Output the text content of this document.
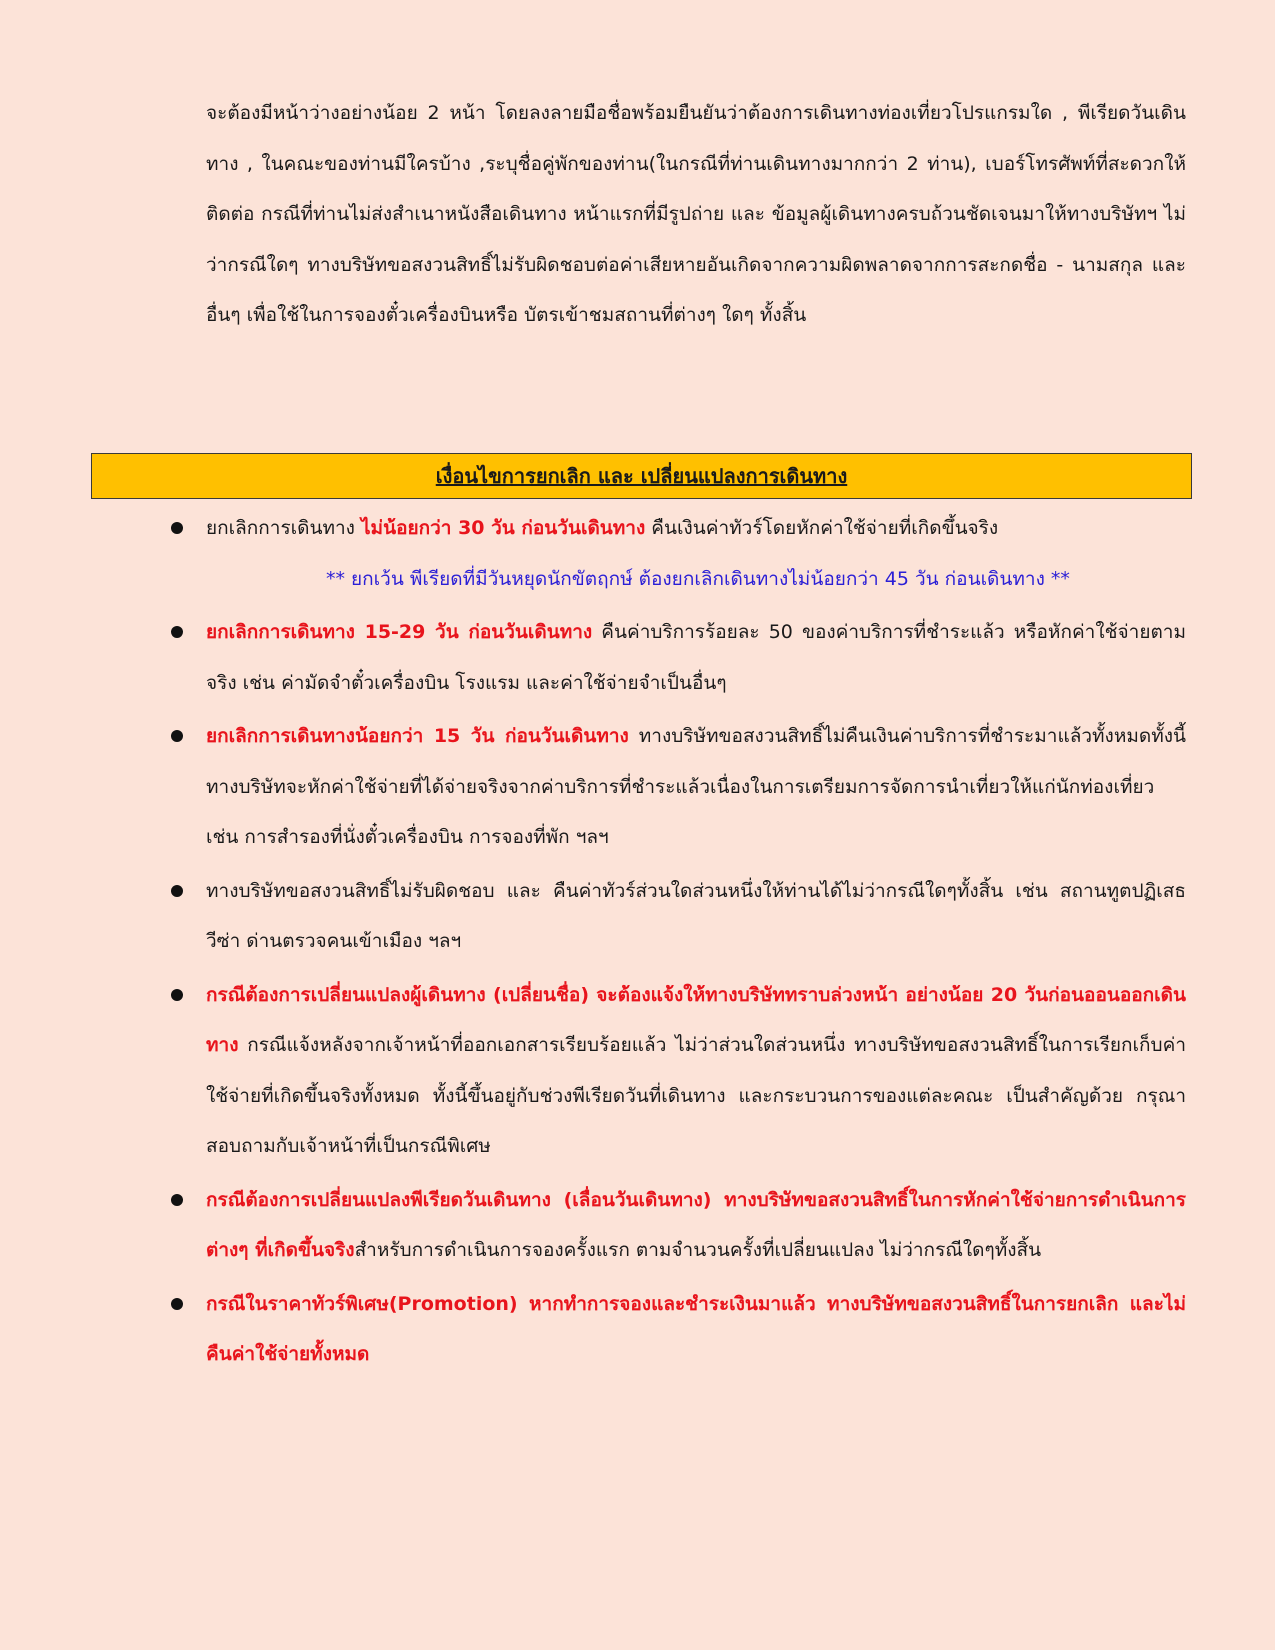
จะต้องมีหน้าว่างอย่างน้อย 2 หน้า โดยลงลายมือชื่อพร้อมยืนยันว่าต้องการเดินทางท่องเที่ยวโปรแกรมใด , พีเรียดวันเดินทาง , ในคณะของท่านมีใครบ้าง ,ระบุชื่อคู่พักของท่าน(ในกรณีที่ท่านเดินทางมากกว่า 2 ท่าน), เบอร์โทรศัพท์ที่สะดวกให้ติดต่อ กรณีที่ท่านไม่ส่งสำเนาหนังสือเดินทาง หน้าแรกที่มีรูปถ่าย และ ข้อมูลผู้เดินทางครบถ้วนชัดเจนมาให้ทางบริษัทฯ ไม่ว่ากรณีใดๆ ทางบริษัทขอสงวนสิทธิ์ไม่รับผิดชอบต่อค่าเสียหายอันเกิดจากความผิดพลาดจากการสะกดชื่อ - นามสกุล และ อื่นๆ เพื่อใช้ในการจองตั๋วเครื่องบินหรือ บัตรเข้าชมสถานที่ต่างๆ ใดๆ ทั้งสิ้น

เงื่อนไขการยกเลิก และ เปลี่ยนแปลงการเดินทาง
ยกเลิกการเดินทาง ไม่น้อยกว่า 30 วัน ก่อนวันเดินทาง คืนเงินค่าทัวร์โดยหักค่าใช้จ่ายที่เกิดขึ้นจริง
** ยกเว้น พีเรียดที่มีวันหยุดนักขัตฤกษ์ ต้องยกเลิกเดินทางไม่น้อยกว่า 45 วัน ก่อนเดินทาง **
ยกเลิกการเดินทาง 15-29 วัน ก่อนวันเดินทาง คืนค่าบริการร้อยละ 50 ของค่าบริการที่ชำระแล้ว หรือหักค่าใช้จ่ายตามจริง เช่น ค่ามัดจำตั๋วเครื่องบิน โรงแรม และค่าใช้จ่ายจำเป็นอื่นๆ
ยกเลิกการเดินทางน้อยกว่า 15 วัน ก่อนวันเดินทาง ทางบริษัทขอสงวนสิทธิ์ไม่คืนเงินค่าบริการที่ชำระมาแล้วทั้งหมดทั้งนี้ ทางบริษัทจะหักค่าใช้จ่ายที่ได้จ่ายจริงจากค่าบริการที่ชำระแล้วเนื่องในการเตรียมการจัดการนำเที่ยวให้แก่นักท่องเที่ยว เช่น การสำรองที่นั่งตั๋วเครื่องบิน การจองที่พัก ฯลฯ
ทางบริษัทขอสงวนสิทธิ์ไม่รับผิดชอบ และ คืนค่าทัวร์ส่วนใดส่วนหนึ่งให้ท่านได้ไม่ว่ากรณีใดๆทั้งสิ้น เช่น สถานทูตปฏิเสธวีซ่า ด่านตรวจคนเข้าเมือง ฯลฯ
กรณีต้องการเปลี่ยนแปลงผู้เดินทาง (เปลี่ยนชื่อ) จะต้องแจ้งให้ทางบริษัททราบล่วงหน้า อย่างน้อย 20 วันก่อนออนออกเดินทาง กรณีแจ้งหลังจากเจ้าหน้าที่ออกเอกสารเรียบร้อยแล้ว ไม่ว่าส่วนใดส่วนหนึ่ง ทางบริษัทขอสงวนสิทธิ์ในการเรียกเก็บค่าใช้จ่ายที่เกิดขึ้นจริงทั้งหมด ทั้งนี้ขึ้นอยู่กับช่วงพีเรียดวันที่เดินทาง และกระบวนการของแต่ละคณะ เป็นสำคัญด้วย กรุณาสอบถามกับเจ้าหน้าที่เป็นกรณีพิเศษ
กรณีต้องการเปลี่ยนแปลงพีเรียดวันเดินทาง (เลื่อนวันเดินทาง) ทางบริษัทขอสงวนสิทธิ์ในการหักค่าใช้จ่ายการดำเนินการต่างๆ ที่เกิดขึ้นจริงสำหรับการดำเนินการจองครั้งแรก ตามจำนวนครั้งที่เปลี่ยนแปลง ไม่ว่ากรณีใดๆทั้งสิ้น
กรณีในราคาทัวร์พิเศษ(Promotion) หากทำการจองและชำระเงินมาแล้ว ทางบริษัทขอสงวนสิทธิ์ในการยกเลิก และไม่คืนค่าใช้จ่ายทั้งหมด
